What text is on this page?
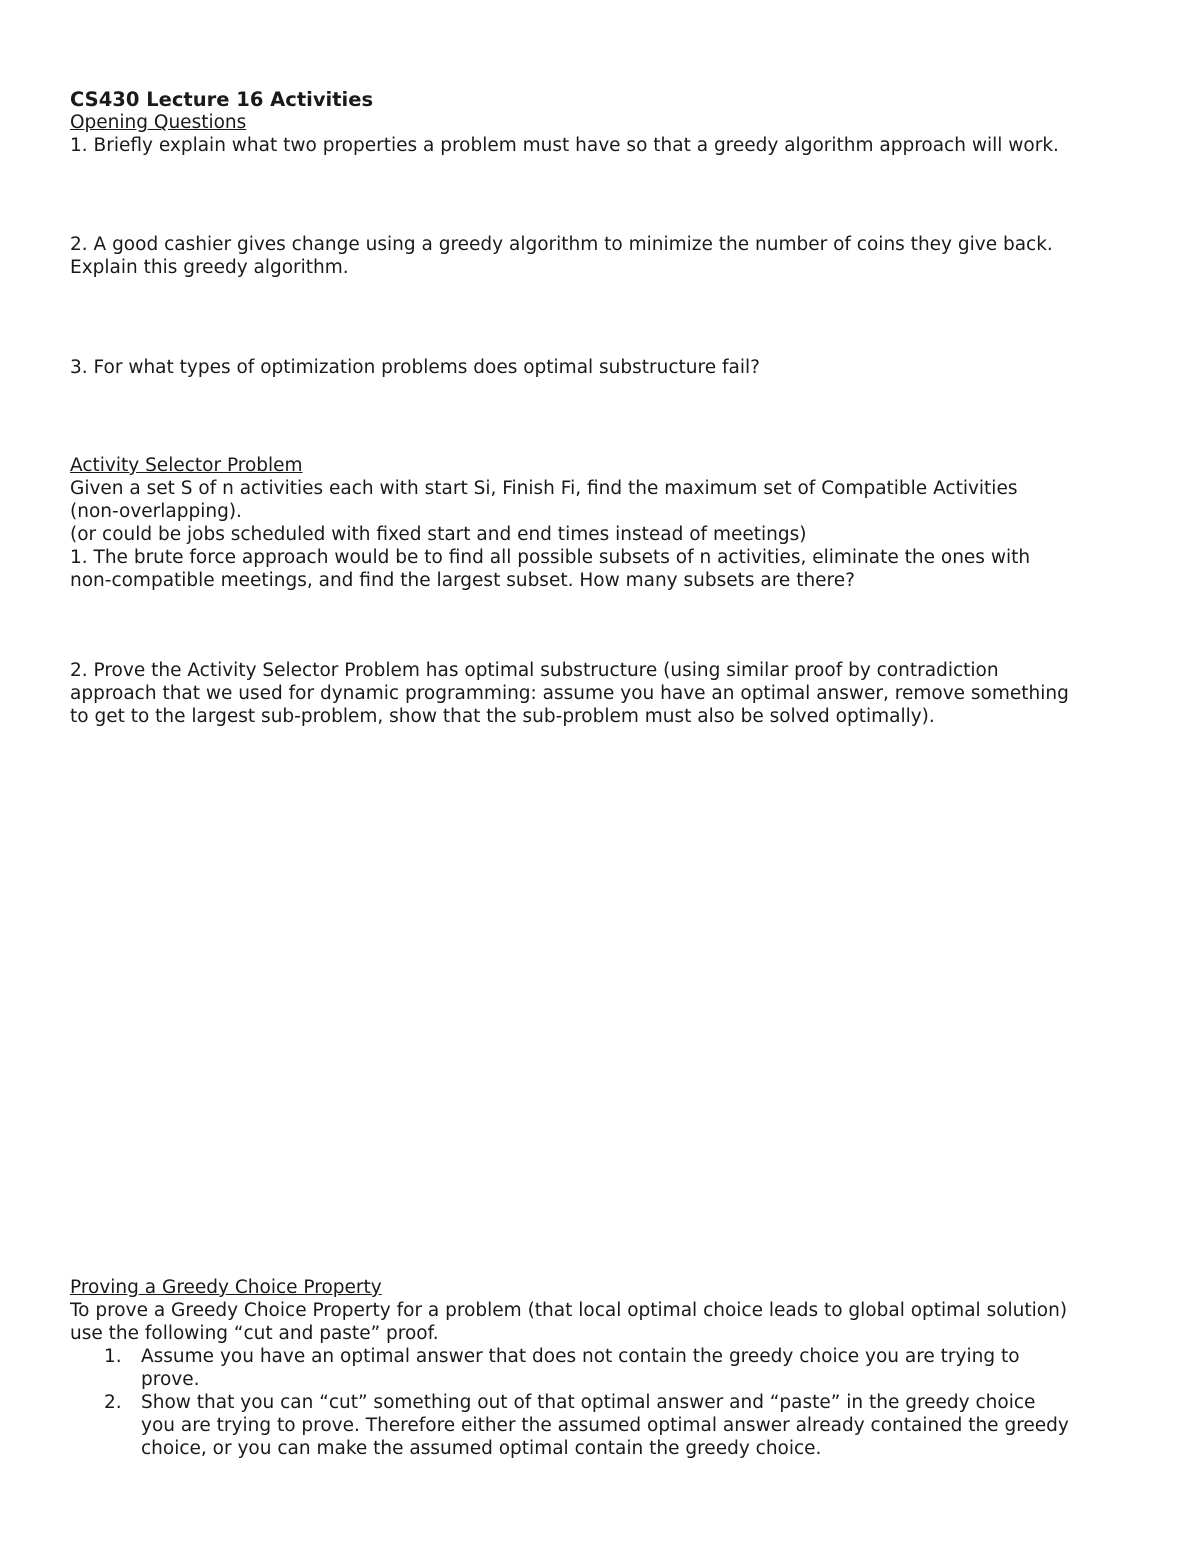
CS430 Lecture 16 Activities

Opening Questions

1. Briefly explain what two properties a problem must have so that a greedy algorithm approach will work.

2. A good cashier gives change using a greedy algorithm to minimize the number of coins they give back.

Explain this greedy algorithm.

3. For what types of optimization problems does optimal substructure fail?

Activity Selector Problem

Given a set S of n activities each with start Si, Finish Fi, find the maximum set of Compatible Activities

(non-overlapping).

(or could be jobs scheduled with fixed start and end times instead of meetings)

1. The brute force approach would be to find all possible subsets of n activities, eliminate the ones with

non-compatible meetings, and find the largest subset. How many subsets are there?

2. Prove the Activity Selector Problem has optimal substructure (using similar proof by contradiction

approach that we used for dynamic programming: assume you have an optimal answer, remove something

to get to the largest sub-problem, show that the sub-problem must also be solved optimally).

Proving a Greedy Choice Property

To prove a Greedy Choice Property for a problem (that local optimal choice leads to global optimal solution)

use the following “cut and paste” proof.

1. Assume you have an optimal answer that does not contain the greedy choice you are trying to

prove.

2. Show that you can “cut” something out of that optimal answer and “paste” in the greedy choice

you are trying to prove. Therefore either the assumed optimal answer already contained the greedy

choice, or you can make the assumed optimal contain the greedy choice.
